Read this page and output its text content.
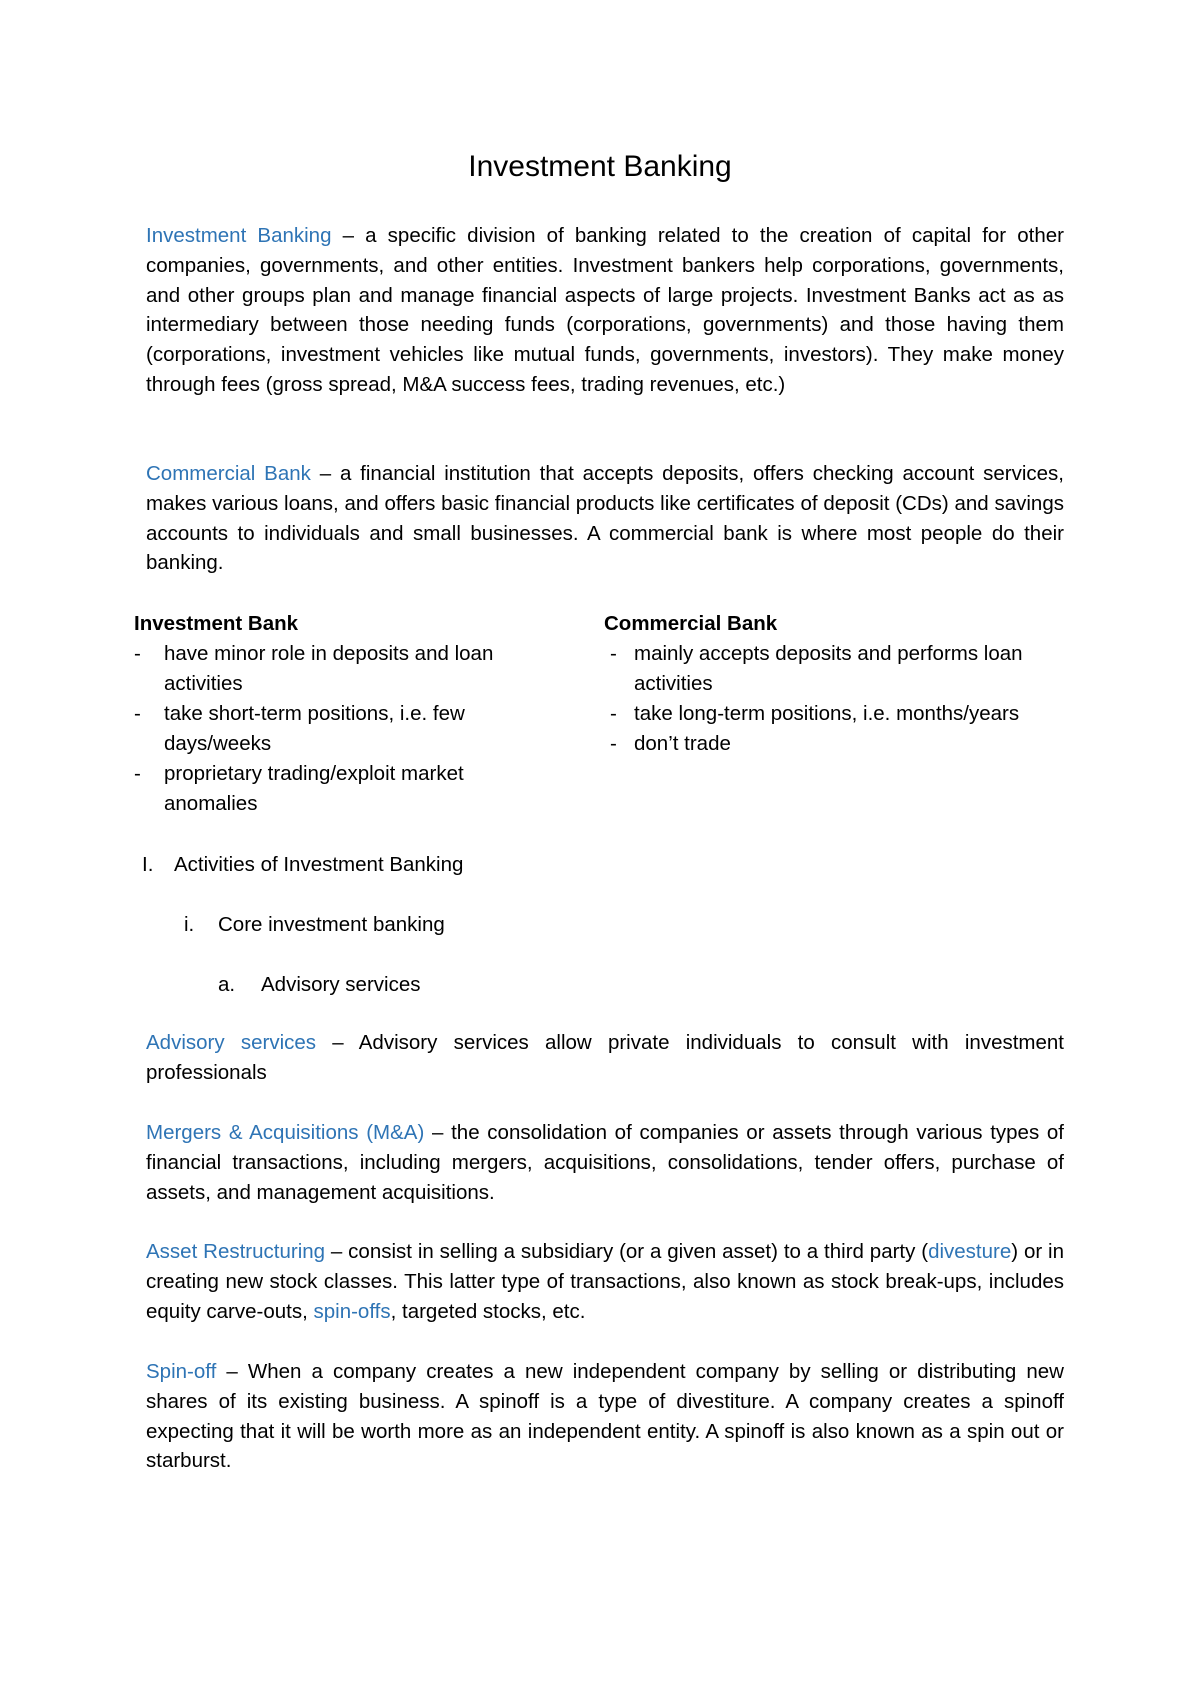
Investment Banking

Investment Banking – a specific division of banking related to the creation of capital for other companies, governments, and other entities. Investment bankers help corporations, governments, and other groups plan and manage financial aspects of large projects. Investment Banks act as as intermediary between those needing funds (corporations, governments) and those having them (corporations, investment vehicles like mutual funds, governments, investors). They make money through fees (gross spread, M&A success fees, trading revenues, etc.)

Commercial Bank – a financial institution that accepts deposits, offers checking account services, makes various loans, and offers basic financial products like certificates of deposit (CDs) and savings accounts to individuals and small businesses. A commercial bank is where most people do their banking.

Investment Bank
- have minor role in deposits and loan activities
- take short-term positions, i.e. few days/weeks
- proprietary trading/exploit market anomalies
Commercial Bank
- mainly accepts deposits and performs loan activities
- take long-term positions, i.e. months/years
- don’t trade
I. Activities of Investment Banking
i. Core investment banking
a. Advisory services

Advisory services – Advisory services allow private individuals to consult with investment professionals

Mergers & Acquisitions (M&A) – the consolidation of companies or assets through various types of financial transactions, including mergers, acquisitions, consolidations, tender offers, purchase of assets, and management acquisitions.

Asset Restructuring – consist in selling a subsidiary (or a given asset) to a third party (divesture) or in creating new stock classes. This latter type of transactions, also known as stock break-ups, includes equity carve-outs, spin-offs, targeted stocks, etc.

Spin-off – When a company creates a new independent company by selling or distributing new shares of its existing business. A spinoff is a type of divestiture. A company creates a spinoff expecting that it will be worth more as an independent entity. A spinoff is also known as a spin out or starburst.
